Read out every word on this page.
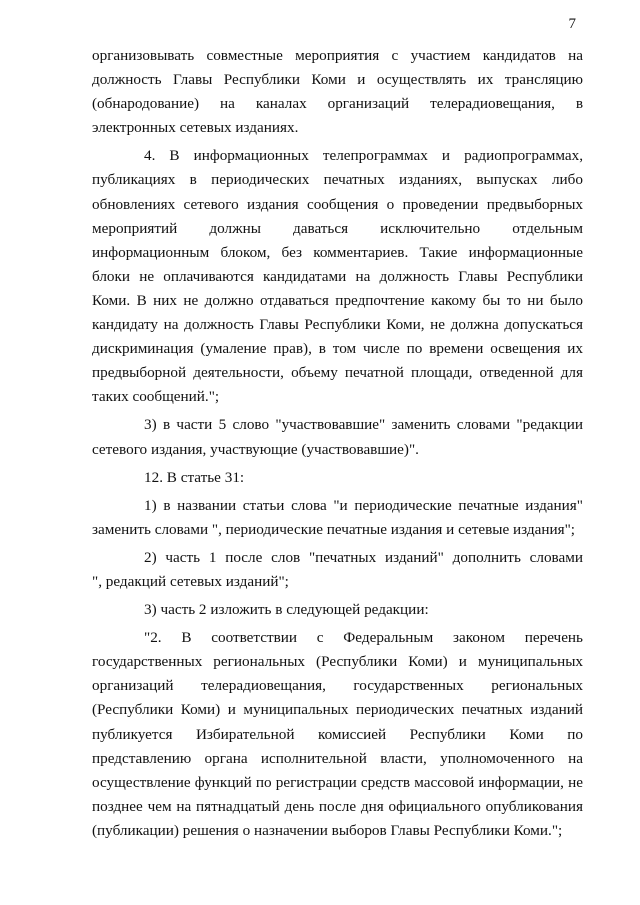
7
организовывать совместные мероприятия с участием кандидатов на
должность Главы Республики Коми и осуществлять их трансляцию
(обнародование) на каналах организаций телерадиовещания, в
электронных сетевых изданиях.
4. В информационных телепрограммах и радиопрограммах,
публикациях в периодических печатных изданиях, выпусках либо
обновлениях сетевого издания сообщения о проведении предвыборных
мероприятий должны даваться исключительно отдельным
информационным блоком, без комментариев. Такие информационные
блоки не оплачиваются кандидатами на должность Главы Республики
Коми. В них не должно отдаваться предпочтение какому бы то ни было
кандидату на должность Главы Республики Коми, не должна допускаться
дискриминация (умаление прав), в том числе по времени освещения их
предвыборной деятельности, объему печатной площади, отведенной для
таких сообщений.";
3) в части 5 слово "участвовавшие" заменить словами "редакции
сетевого издания, участвующие (участвовавшие)".
12. В статье 31:
1) в названии статьи слова "и периодические печатные издания"
заменить словами ", периодические печатные издания и сетевые издания";
2) часть 1 после слов "печатных изданий" дополнить словами
", редакций сетевых изданий";
3) часть 2 изложить в следующей редакции:
"2. В соответствии с Федеральным законом перечень
государственных региональных (Республики Коми) и муниципальных
организаций телерадиовещания, государственных региональных
(Республики Коми) и муниципальных периодических печатных изданий
публикуется Избирательной комиссией Республики Коми по
представлению органа исполнительной власти, уполномоченного на
осуществление функций по регистрации средств массовой информации, не
позднее чем на пятнадцатый день после дня официального опубликования
(публикации) решения о назначении выборов Главы Республики Коми.";
